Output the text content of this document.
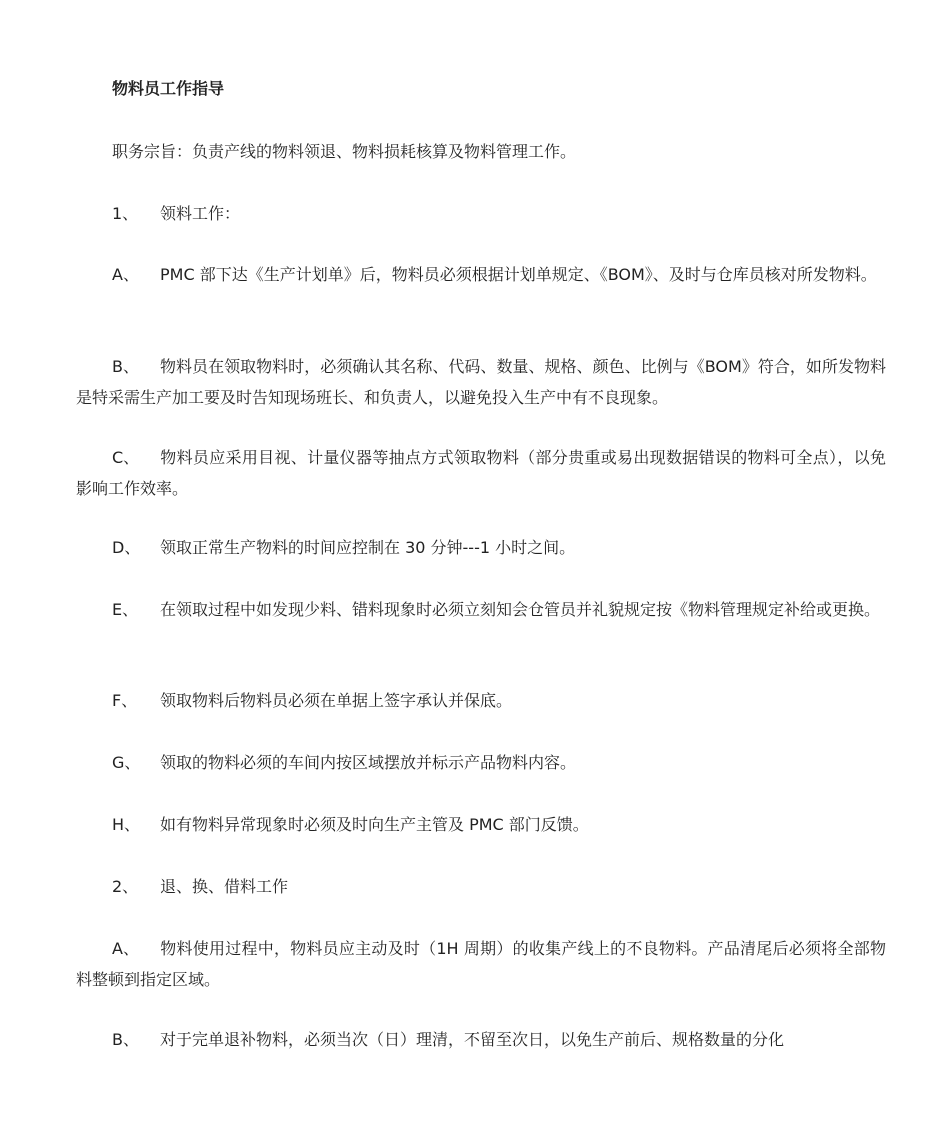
物料员工作指导
职务宗旨：负责产线的物料领退、物料损耗核算及物料管理工作。
1、 领料工作：
A、 PMC 部下达《生产计划单》后，物料员必须根据计划单规定、《BOM》、及时与仓库员核对所发物料。
B、 物料员在领取物料时，必须确认其名称、代码、数量、规格、颜色、比例与《BOM》符合，如所发物料是特采需生产加工要及时告知现场班长、和负责人，以避免投入生产中有不良现象。
C、 物料员应采用目视、计量仪器等抽点方式领取物料（部分贵重或易出现数据错误的物料可全点），以免影响工作效率。
D、 领取正常生产物料的时间应控制在 30 分钟---1 小时之间。
E、 在领取过程中如发现少料、错料现象时必须立刻知会仓管员并礼貌规定按《物料管理规定补给或更换。
F、 领取物料后物料员必须在单据上签字承认并保底。
G、 领取的物料必须的车间内按区域摆放并标示产品物料内容。
H、 如有物料异常现象时必须及时向生产主管及 PMC 部门反馈。
2、 退、换、借料工作
A、 物料使用过程中，物料员应主动及时（1H 周期）的收集产线上的不良物料。产品清尾后必须将全部物料整顿到指定区域。
B、 对于完单退补物料，必须当次（日）理清，不留至次日，以免生产前后、规格数量的分化
